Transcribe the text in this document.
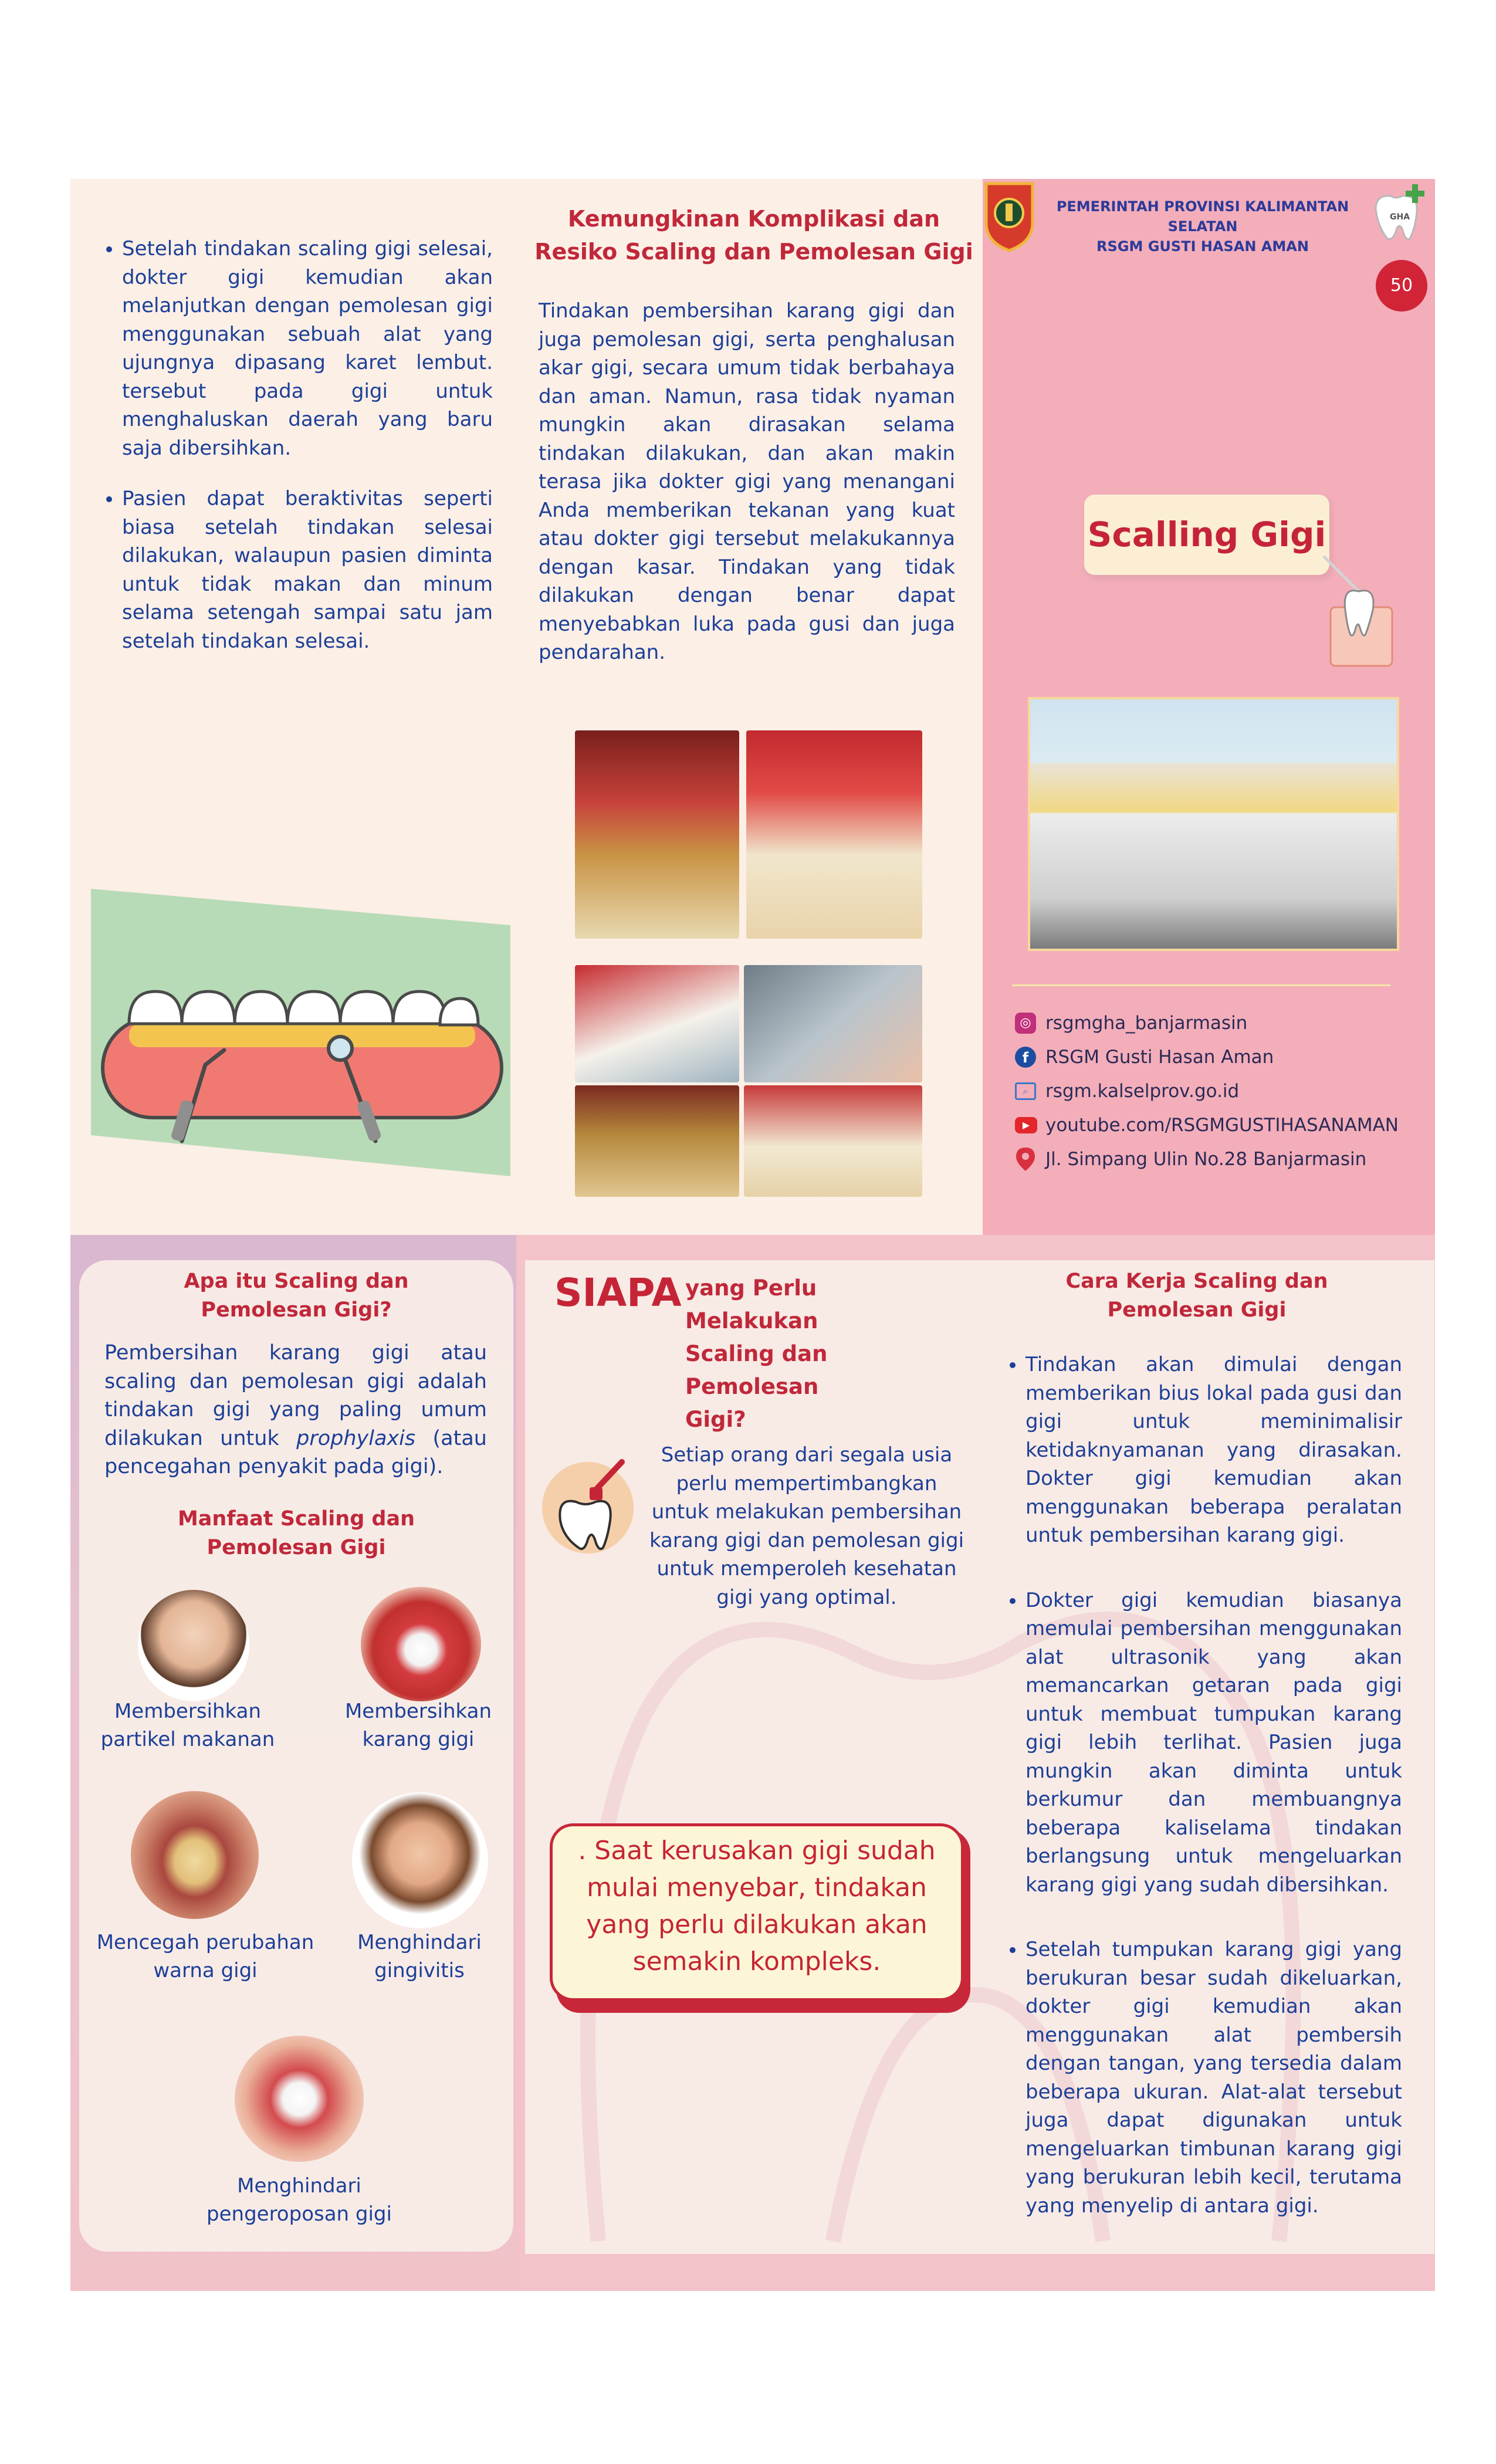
• Setelah tindakan scaling gigi selesai, dokter gigi kemudian akan melanjutkan dengan pemolesan gigi menggunakan sebuah alat yang ujungnya dipasang karet lembut. tersebut pada gigi untuk menghaluskan daerah yang baru saja dibersihkan.
• Pasien dapat beraktivitas seperti biasa setelah tindakan selesai dilakukan, walaupun pasien diminta untuk tidak makan dan minum selama setengah sampai satu jam setelah tindakan selesai.
Kemungkinan Komplikasi dan
Resiko Scaling dan Pemolesan Gigi
Tindakan pembersihan karang gigi dan juga pemolesan gigi, serta penghalusan akar gigi, secara umum tidak berbahaya dan aman. Namun, rasa tidak nyaman mungkin akan dirasakan selama tindakan dilakukan, dan akan makin terasa jika dokter gigi yang menangani Anda memberikan tekanan yang kuat atau dokter gigi tersebut melakukannya dengan kasar. Tindakan yang tidak dilakukan dengan benar dapat menyebabkan luka pada gusi dan juga pendarahan.
PEMERINTAH PROVINSI KALIMANTAN SELATAN
RSGM GUSTI HASAN AMAN
GHA
50
Scalling Gigi
◎ rsgmgha_banjarmasin
f RSGM Gusti Hasan Aman
⌕ rsgm.kalselprov.go.id
▶ youtube.com/RSGMGUSTIHASANAMAN
Jl. Simpang Ulin No.28 Banjarmasin
Apa itu Scaling dan
Pemolesan Gigi?
Pembersihan karang gigi atau scaling dan pemolesan gigi adalah tindakan gigi yang paling umum dilakukan untuk prophylaxis (atau pencegahan penyakit pada gigi).
Manfaat Scaling dan
Pemolesan Gigi
Membersihkan
partikel makanan
Membersihkan
karang gigi
Mencegah perubahan
warna gigi
Menghindari
gingivitis
Menghindari
pengeroposan gigi
SIAPA yang Perlu Melakukan
Scaling dan Pemolesan
Gigi?
Setiap orang dari segala usia
perlu mempertimbangkan
untuk melakukan pembersihan
karang gigi dan pemolesan gigi
untuk memperoleh kesehatan
gigi yang optimal.
. Saat kerusakan gigi sudah
mulai menyebar, tindakan
yang perlu dilakukan akan
semakin kompleks.
Cara Kerja Scaling dan
Pemolesan Gigi
• Tindakan akan dimulai dengan memberikan bius lokal pada gusi dan gigi untuk meminimalisir ketidaknyamanan yang dirasakan. Dokter gigi kemudian akan menggunakan beberapa peralatan untuk pembersihan karang gigi.
• Dokter gigi kemudian biasanya memulai pembersihan menggunakan alat ultrasonik yang akan memancarkan getaran pada gigi untuk membuat tumpukan karang gigi lebih terlihat. Pasien juga mungkin akan diminta untuk berkumur dan membuangnya beberapa kaliselama tindakan berlangsung untuk mengeluarkan karang gigi yang sudah dibersihkan.
• Setelah tumpukan karang gigi yang berukuran besar sudah dikeluarkan, dokter gigi kemudian akan menggunakan alat pembersih dengan tangan, yang tersedia dalam beberapa ukuran. Alat-alat tersebut juga dapat digunakan untuk mengeluarkan timbunan karang gigi yang berukuran lebih kecil, terutama yang menyelip di antara gigi.
